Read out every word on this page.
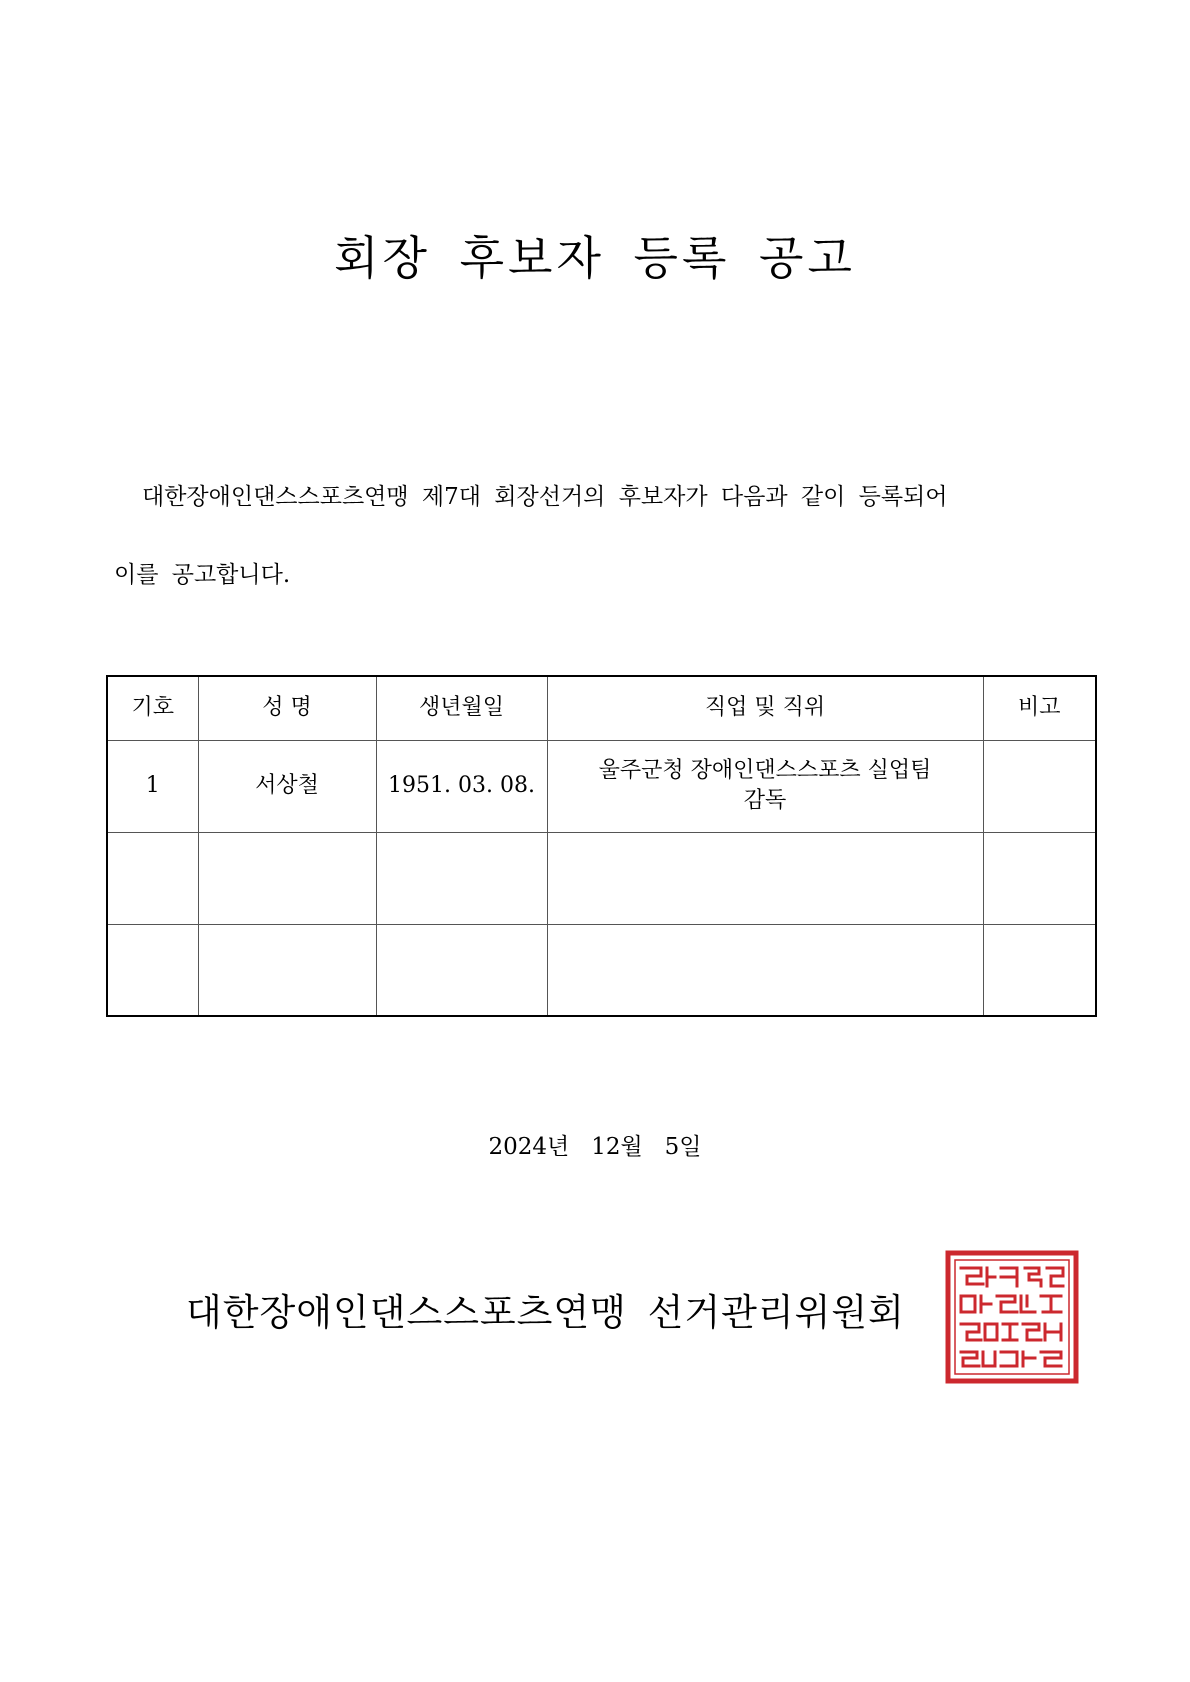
회장 후보자 등록 공고

대한장애인댄스스포츠연맹 제7대 회장선거의 후보자가 다음과 같이 등록되어
이를 공고합니다.

기호	성 명	생년월일	직업 및 직위	비고
1	서상철	1951. 03. 08.	울주군청 장애인댄스스포츠 실업팀
감독	

2024년   12월   5일

대한장애인댄스스포츠연맹 선거관리위원회
